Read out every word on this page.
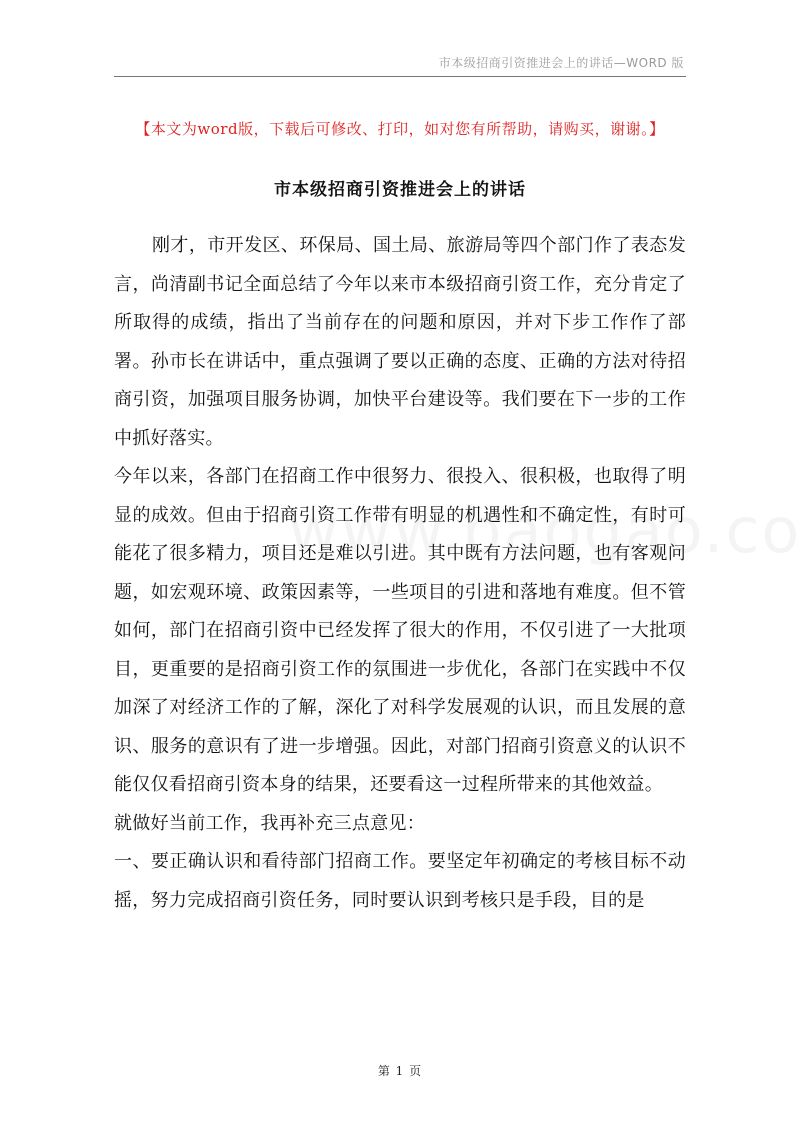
市本级招商引资推进会上的讲话—WORD 版
【本文为word版，下载后可修改、打印，如对您有所帮助，请购买，谢谢。】
市本级招商引资推进会上的讲话

刚才，市开发区、环保局、国土局、旅游局等四个部门作了表态发言，尚清副书记全面总结了今年以来市本级招商引资工作，充分肯定了所取得的成绩，指出了当前存在的问题和原因，并对下步工作作了部署。孙市长在讲话中，重点强调了要以正确的态度、正确的方法对待招商引资，加强项目服务协调，加快平台建设等。我们要在下一步的工作中抓好落实。

今年以来，各部门在招商工作中很努力、很投入、很积极，也取得了明显的成效。但由于招商引资工作带有明显的机遇性和不确定性，有时可能花了很多精力，项目还是难以引进。其中既有方法问题，也有客观问题，如宏观环境、政策因素等，一些项目的引进和落地有难度。但不管如何，部门在招商引资中已经发挥了很大的作用，不仅引进了一大批项目，更重要的是招商引资工作的氛围进一步优化，各部门在实践中不仅加深了对经济工作的了解，深化了对科学发展观的认识，而且发展的意识、服务的意识有了进一步增强。因此，对部门招商引资意义的认识不能仅仅看招商引资本身的结果，还要看这一过程所带来的其他效益。

就做好当前工作，我再补充三点意见：

一、要正确认识和看待部门招商工作。要坚定年初确定的考核目标不动摇，努力完成招商引资任务，同时要认识到考核只是手段，目的是

第 1 页
